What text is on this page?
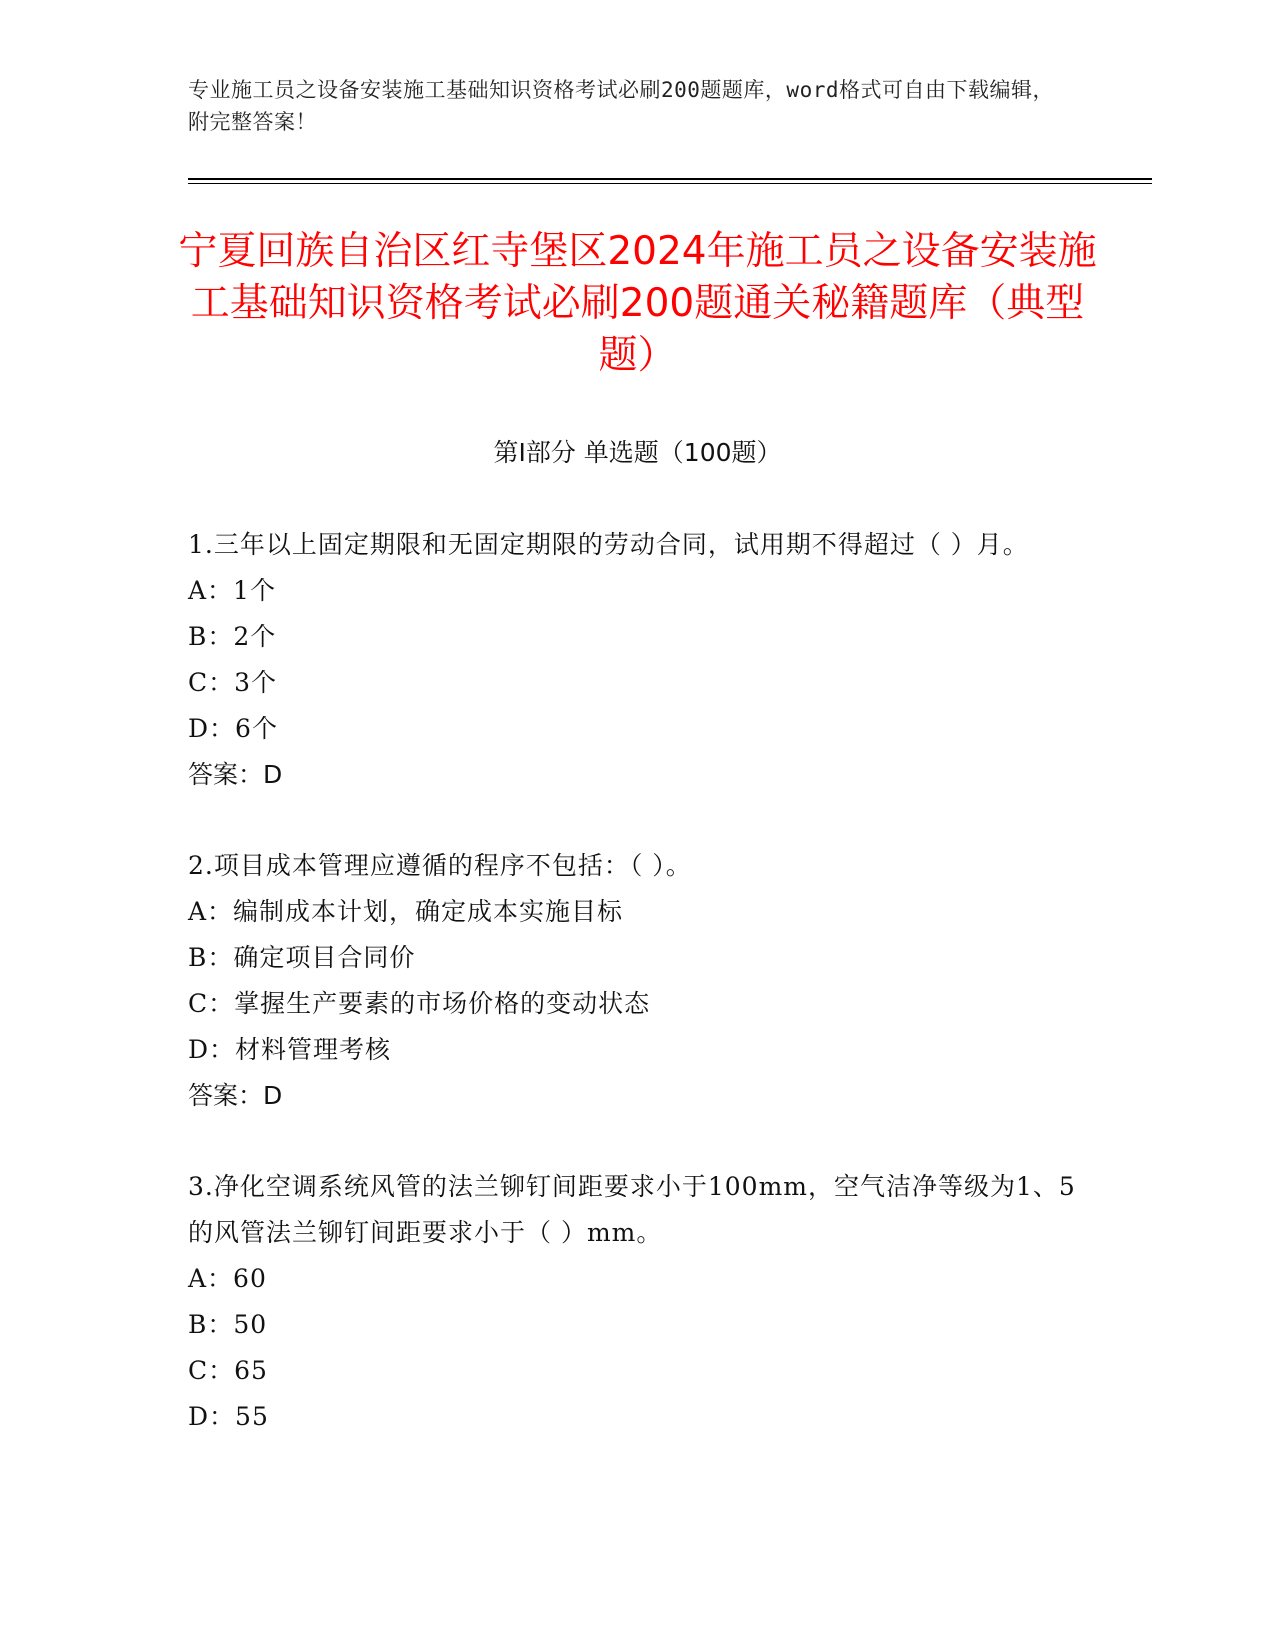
专业施工员之设备安装施工基础知识资格考试必刷200题题库，word格式可自由下载编辑，附完整答案！
宁夏回族自治区红寺堡区2024年施工员之设备安装施工基础知识资格考试必刷200题通关秘籍题库（典型题）
第Ⅰ部分 单选题（100题）

1.三年以上固定期限和无固定期限的劳动合同，试用期不得超过（ ）月。

A：1个

B：2个

C：3个

D：6个

答案：D

2.项目成本管理应遵循的程序不包括：（ ）。

A：编制成本计划，确定成本实施目标

B：确定项目合同价

C：掌握生产要素的市场价格的变动状态

D：材料管理考核

答案：D

3.净化空调系统风管的法兰铆钉间距要求小于100mm，空气洁净等级为1、5的风管法兰铆钉间距要求小于（ ）mm。

A：60

B：50

C：65

D：55
